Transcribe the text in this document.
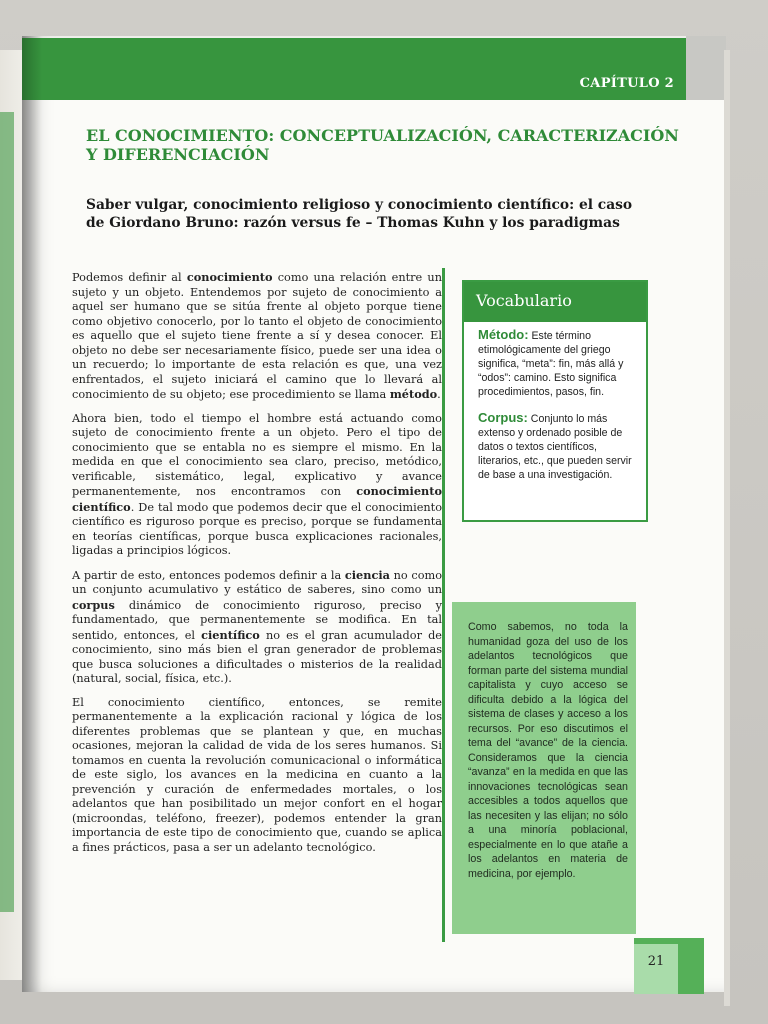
CAPÍTULO 2
EL CONOCIMIENTO: CONCEPTUALIZACIÓN, CARACTERIZACIÓN Y DIFERENCIACIÓN
Saber vulgar, conocimiento religioso y conocimiento científico: el caso de Giordano Bruno: razón versus fe – Thomas Kuhn y los paradigmas

Podemos definir al conocimiento como una relación entre un sujeto y un objeto. Entendemos por sujeto de conocimiento a aquel ser humano que se sitúa frente al objeto porque tiene como objetivo conocerlo, por lo tanto el objeto de conocimiento es aquello que el sujeto tiene frente a sí y desea conocer. El objeto no debe ser necesariamente físico, puede ser una idea o un recuerdo; lo importante de esta relación es que, una vez enfrentados, el sujeto iniciará el camino que lo llevará al conocimiento de su objeto; ese procedimiento se llama método.

Ahora bien, todo el tiempo el hombre está actuando como sujeto de conocimiento frente a un objeto. Pero el tipo de conocimiento que se entabla no es siempre el mismo. En la medida en que el conocimiento sea claro, preciso, metódico, verificable, sistemático, legal, explicativo y avance permanentemente, nos encontramos con conocimiento científico. De tal modo que podemos decir que el conocimiento científico es riguroso porque es preciso, porque se fundamenta en teorías científicas, porque busca explicaciones racionales, ligadas a principios lógicos.

A partir de esto, entonces podemos definir a la ciencia no como un conjunto acumulativo y estático de saberes, sino como un corpus dinámico de conocimiento riguroso, preciso y fundamentado, que permanentemente se modifica. En tal sentido, entonces, el científico no es el gran acumulador de conocimiento, sino más bien el gran generador de problemas que busca soluciones a dificultades o misterios de la realidad (natural, social, física, etc.).

El conocimiento científico, entonces, se remite permanentemente a la explicación racional y lógica de los diferentes problemas que se plantean y que, en muchas ocasiones, mejoran la calidad de vida de los seres humanos. Si tomamos en cuenta la revolución comunicacional o informática de este siglo, los avances en la medicina en cuanto a la prevención y curación de enfermedades mortales, o los adelantos que han posibilitado un mejor confort en el hogar (microondas, teléfono, freezer), podemos entender la gran importancia de este tipo de conocimiento que, cuando se aplica a fines prácticos, pasa a ser un adelanto tecnológico.

Vocabulario

Método: Este término etimológicamente del griego significa, “meta”: fin, más allá y “odos”: camino. Esto significa procedimientos, pasos, fin.

Corpus: Conjunto lo más extenso y ordenado posible de datos o textos científicos, literarios, etc., que pueden servir de base a una investigación.

Como sabemos, no toda la humanidad goza del uso de los adelantos tecnológicos que forman parte del sistema mundial capitalista y cuyo acceso se dificulta debido a la lógica del sistema de clases y acceso a los recursos. Por eso discutimos el tema del “avance” de la ciencia. Consideramos que la ciencia “avanza” en la medida en que las innovaciones tecnológicas sean accesibles a todos aquellos que las necesiten y las elijan; no sólo a una minoría poblacional, especialmente en lo que atañe a los adelantos en materia de medicina, por ejemplo.
21
